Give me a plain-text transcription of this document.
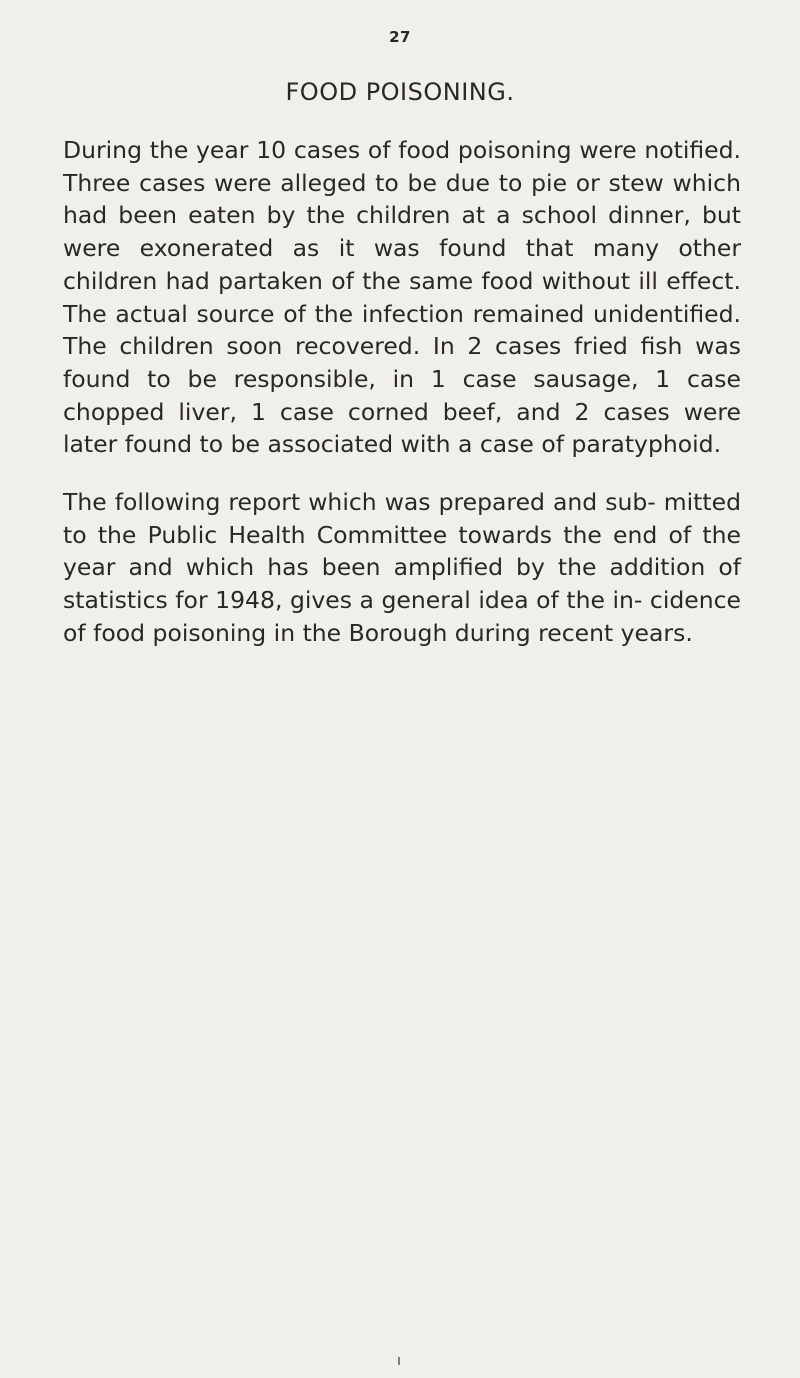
27
FOOD POISONING.

During the year 10 cases of food poisoning were notified. Three cases were alleged to be due to pie or stew which had been eaten by the children at a school dinner, but were exonerated as it was found that many other children had partaken of the same food without ill effect. The actual source of the infection remained unidentified. The children soon recovered. In 2 cases fried fish was found to be responsible, in 1 case sausage, 1 case chopped liver, 1 case corned beef, and 2 cases were later found to be associated with a case of paratyphoid.

The following report which was prepared and sub- mitted to the Public Health Committee towards the end of the year and which has been amplified by the addition of statistics for 1948, gives a general idea of the in- cidence of food poisoning in the Borough during recent years.
